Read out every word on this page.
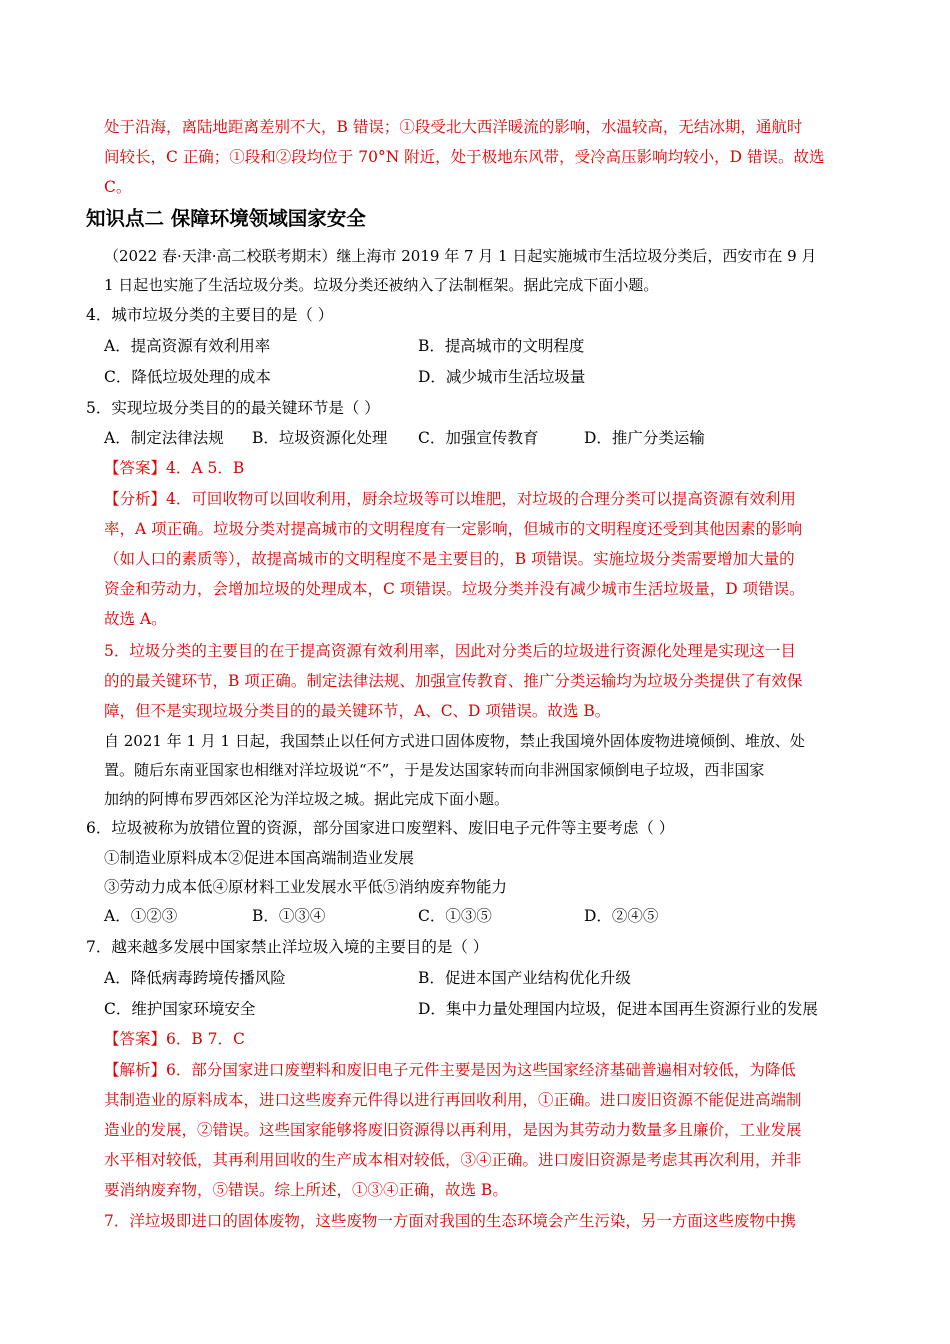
处于沿海，离陆地距离差别不大，B 错误；①段受北大西洋暖流的影响，水温较高，无结冰期，通航时
间较长，C 正确；①段和②段均位于 70°N 附近，处于极地东风带，受冷高压影响均较小，D 错误。故选
C。
知识点二 保障环境领域国家安全
（2022 春·天津·高二校联考期末）继上海市 2019 年 7 月 1 日起实施城市生活垃圾分类后，西安市在 9 月
1 日起也实施了生活垃圾分类。垃圾分类还被纳入了法制框架。据此完成下面小题。
4．城市垃圾分类的主要目的是（ ）
A．提高资源有效利用率	B．提高城市的文明程度
C．降低垃圾处理的成本	D．减少城市生活垃圾量
5．实现垃圾分类目的的最关键环节是（ ）
A．制定法律法规 B．垃圾资源化处理 C．加强宣传教育	D．推广分类运输
【答案】4．A 5．B
【分析】4．可回收物可以回收利用，厨余垃圾等可以堆肥，对垃圾的合理分类可以提高资源有效利用
率，A 项正确。垃圾分类对提高城市的文明程度有一定影响，但城市的文明程度还受到其他因素的影响
（如人口的素质等），故提高城市的文明程度不是主要目的，B 项错误。实施垃圾分类需要增加大量的
资金和劳动力，会增加垃圾的处理成本，C 项错误。垃圾分类并没有减少城市生活垃圾量，D 项错误。
故选 A。
5．垃圾分类的主要目的在于提高资源有效利用率，因此对分类后的垃圾进行资源化处理是实现这一目
的的最关键环节，B 项正确。制定法律法规、加强宣传教育、推广分类运输均为垃圾分类提供了有效保
障，但不是实现垃圾分类目的的最关键环节，A、C、D 项错误。故选 B。
自 2021 年 1 月 1 日起，我国禁止以任何方式进口固体废物，禁止我国境外固体废物进境倾倒、堆放、处
置。随后东南亚国家也相继对洋垃圾说“不”，于是发达国家转而向非洲国家倾倒电子垃圾，西非国家
加纳的阿博布罗西郊区沦为洋垃圾之城。据此完成下面小题。
6．垃圾被称为放错位置的资源，部分国家进口废塑料、废旧电子元件等主要考虑（ ）
①制造业原料成本②促进本国高端制造业发展
③劳动力成本低④原材料工业发展水平低⑤消纳废弃物能力
A．①②③	B．①③④	C．①③⑤	D．②④⑤
7．越来越多发展中国家禁止洋垃圾入境的主要目的是（ ）
A．降低病毒跨境传播风险	B．促进本国产业结构优化升级
C．维护国家环境安全	D．集中力量处理国内垃圾，促进本国再生资源行业的发展
【答案】6．B 7．C
【解析】6．部分国家进口废塑料和废旧电子元件主要是因为这些国家经济基础普遍相对较低，为降低
其制造业的原料成本，进口这些废弃元件得以进行再回收利用，①正确。进口废旧资源不能促进高端制
造业的发展，②错误。这些国家能够将废旧资源得以再利用，是因为其劳动力数量多且廉价，工业发展
水平相对较低，其再利用回收的生产成本相对较低，③④正确。进口废旧资源是考虑其再次利用，并非
要消纳废弃物，⑤错误。综上所述，①③④正确，故选 B。
7．洋垃圾即进口的固体废物，这些废物一方面对我国的生态环境会产生污染，另一方面这些废物中携
